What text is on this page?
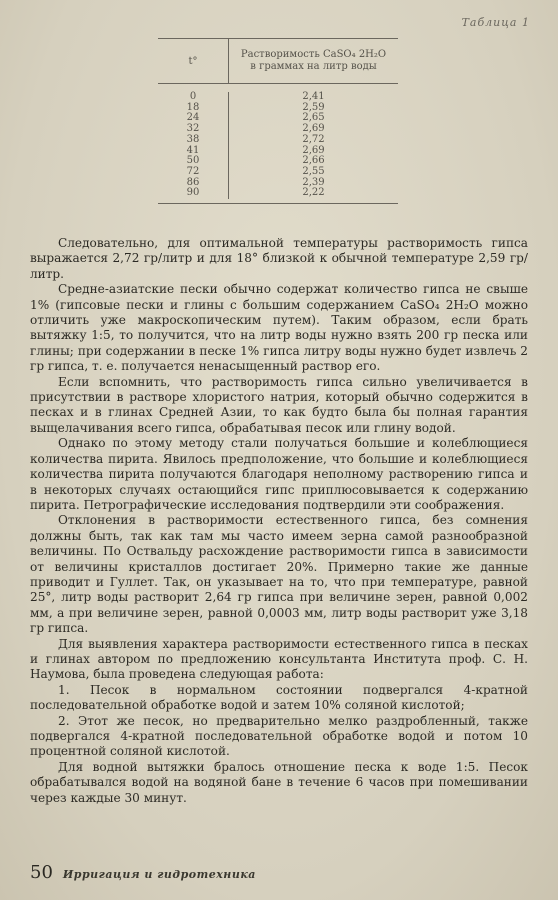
Таблица 1
t°
Растворимость CaSO₄ 2H₂O
в граммах на литр воды
0
18
24
32
38
41
50
72
86
90
2,41
2,59
2,65
2,69
2,72
2,69
2,66
2,55
2,39
2,22

Следовательно, для оптимальной температуры растворимость гипса выражается 2,72 гр/литр и для 18° близкой к обычной температуре 2,59 гр/литр.

Средне-азиатские пески обычно содержат количество гипса не свыше 1% (гипсовые пески и глины с большим содержанием CaSO₄ 2H₂O можно отличить уже макроскопическим путем). Таким образом, если брать вытяжку 1:5, то получится, что на литр воды нужно взять 200 гр песка или глины; при содержании в песке 1% гипса литру воды нужно будет извлечь 2 гр гипса, т. е. получается ненасыщенный раствор его.

Если вспомнить, что растворимость гипса сильно увеличивается в присутствии в растворе хлористого натрия, который обычно содержится в песках и в глинах Средней Азии, то как будто была бы полная гарантия выщелачивания всего гипса, обрабатывая песок или глину водой.

Однако по этому методу стали получаться большие и колеблющиеся количества пирита. Явилось предположение, что большие и колеблющиеся количества пирита получаются благодаря неполному растворению гипса и в некоторых случаях остающийся гипс приплюсовывается к содержанию пирита. Петрографические исследования подтвердили эти соображения.

Отклонения в растворимости естественного гипса, без сомнения должны быть, так как там мы часто имеем зерна самой разнообразной величины. По Оствальду расхождение растворимости гипса в зависимости от величины кристаллов достигает 20%. Примерно такие же данные приводит и Гуллет. Так, он указывает на то, что при температуре, равной 25°, литр воды растворит 2,64 гр гипса при величине зерен, равной 0,002 мм, а при величине зерен, равной 0,0003 мм, литр воды растворит уже 3,18 гр гипса.

Для выявления характера растворимости естественного гипса в песках и глинах автором по предложению консультанта Института проф. С. Н. Наумова, была проведена следующая работа:

1. Песок в нормальном состоянии подвергался 4-кратной последовательной обработке водой и затем 10% соляной кислотой;

2. Этот же песок, но предварительно мелко раздробленный, также подвергался 4-кратной последовательной обработке водой и потом 10 процентной соляной кислотой.

Для водной вытяжки бралось отношение песка к воде 1:5. Песок обрабатывался водой на водяной бане в течение 6 часов при помешивании через каждые 30 минут.

50 Ирригация и гидротехника
